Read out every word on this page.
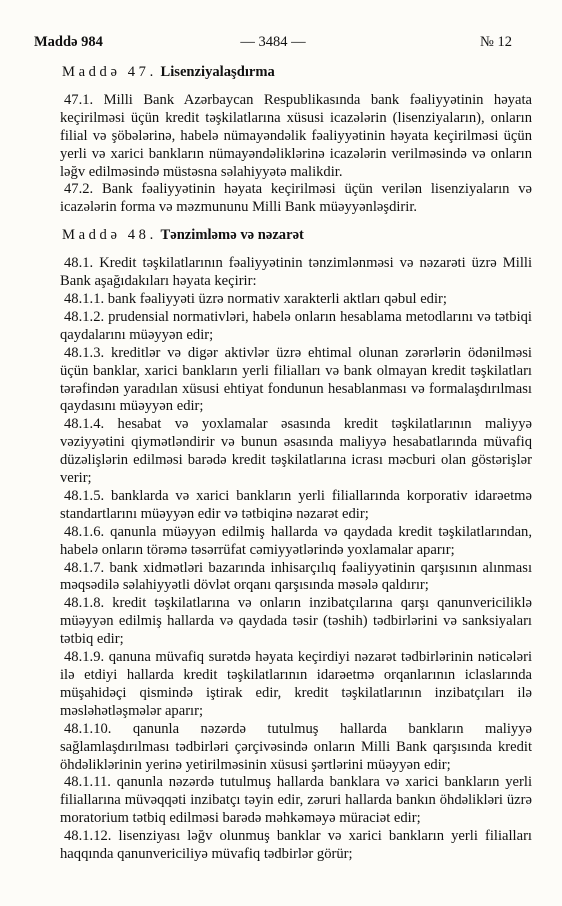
Maddə 984	— 3484 —	№ 12
Maddə 47. Lisenziyalaşdırma

47.1. Milli Bank Azərbaycan Respublikasında bank fəaliyyətinin həyata keçirilməsi üçün kredit təşkilatlarına xüsusi icazələrin (lisenziyaların), onların filial və şöbələrinə, habelə nümayəndəlik fəaliyyətinin həyata keçirilməsi üçün yerli və xarici bankların nümayəndəliklərinə icazələrin verilməsində və onların ləğv edilməsində müstəsna səlahiyyətə malikdir.

47.2. Bank fəaliyyətinin həyata keçirilməsi üçün verilən lisenziyaların və icazələrin forma və məzmununu Milli Bank müəyyənləşdirir.

Maddə 48. Tənzimləmə və nəzarət

48.1. Kredit təşkilatlarının fəaliyyətinin tənzimlənməsi və nəzarəti üzrə Milli Bank aşağıdakıları həyata keçirir:

48.1.1. bank fəaliyyəti üzrə normativ xarakterli aktları qəbul edir;

48.1.2. prudensial normativləri, habelə onların hesablama metodlarını və tətbiqi qaydalarını müəyyən edir;

48.1.3. kreditlər və digər aktivlər üzrə ehtimal olunan zərərlərin ödənilməsi üçün banklar, xarici bankların yerli filialları və bank olmayan kredit təşkilatları tərəfindən yaradılan xüsusi ehtiyat fondunun hesablanması və formalaşdırılması qaydasını müəyyən edir;

48.1.4. hesabat və yoxlamalar əsasında kredit təşkilatlarının maliyyə vəziyyətini qiymətləndirir və bunun əsasında maliyyə hesabatlarında müvafiq düzəlişlərin edilməsi barədə kredit təşkilatlarına icrası məcburi olan göstərişlər verir;

48.1.5. banklarda və xarici bankların yerli filiallarında korporativ idarəetmə standartlarını müəyyən edir və tətbiqinə nəzarət edir;

48.1.6. qanunla müəyyən edilmiş hallarda və qaydada kredit təşkilatlarından, habelə onların törəmə təsərrüfat cəmiyyətlərində yoxlamalar aparır;

48.1.7. bank xidmətləri bazarında inhisarçılıq fəaliyyətinin qarşısının alınması məqsədilə səlahiyyətli dövlət orqanı qarşısında məsələ qaldırır;

48.1.8. kredit təşkilatlarına və onların inzibatçılarına qarşı qanunvericiliklə müəyyən edilmiş hallarda və qaydada təsir (təshih) tədbirlərini və sanksiyaları tətbiq edir;

48.1.9. qanuna müvafiq surətdə həyata keçirdiyi nəzarət tədbirlərinin nəticələri ilə etdiyi hallarda kredit təşkilatlarının idarəetmə orqanlarının iclaslarında müşahidəçi qismində iştirak edir, kredit təşkilatlarının inzibatçıları ilə məsləhətləşmələr aparır;

48.1.10. qanunla nəzərdə tutulmuş hallarda bankların maliyyə sağlamlaşdırılması tədbirləri çərçivəsində onların Milli Bank qarşısında kredit öhdəliklərinin yerinə yetirilməsinin xüsusi şərtlərini müəyyən edir;

48.1.11. qanunla nəzərdə tutulmuş hallarda banklara və xarici bankların yerli filiallarına müvəqqəti inzibatçı təyin edir, zəruri hallarda bankın öhdəlikləri üzrə moratorium tətbiq edilməsi barədə məhkəməyə müraciət edir;

48.1.12. lisenziyası ləğv olunmuş banklar və xarici bankların yerli filialları haqqında qanunvericiliyə müvafiq tədbirlər görür;
